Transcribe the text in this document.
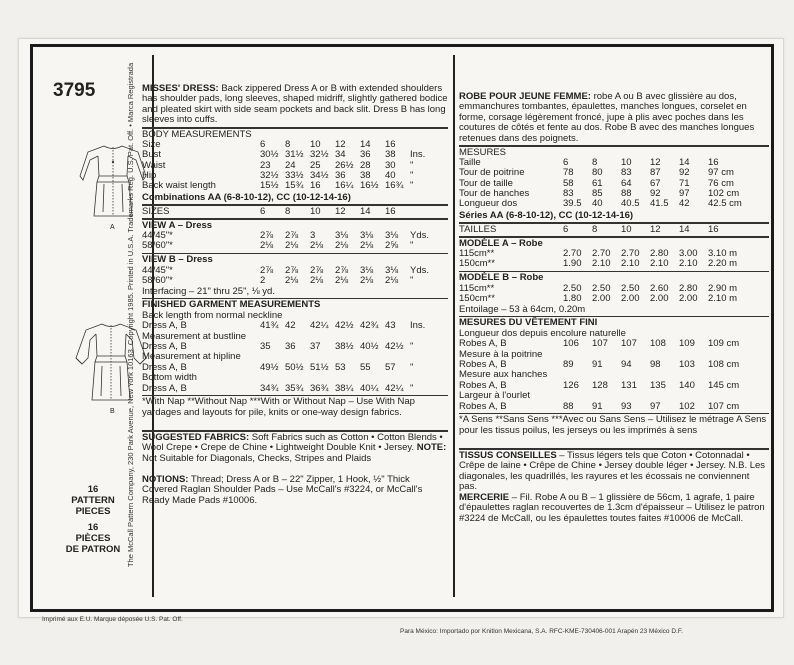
The McCall Pattern Company, 230 Park Avenue, New York 10163. Copyright 1985. Printed in U.S.A. Trademarks Reg. U.S. Pat. Off. • Marca Registrada
3795
A
B
16
PATTERN
PIECES
16
PIÈCES
DE PATRON
MISSES' DRESS: Back zippered Dress A or B with extended shoulders has shoulder pads, long sleeves, shaped midriff, slightly gathered bodice and pleated skirt with side seam pockets and back slit. Dress B has long sleeves into cuffs.
BODY MEASUREMENTS
Size	6	8	10	12	14	16
Bust	30½ 31½ 32½ 34	36	38	Ins.
Waist	23	24	25	26½ 28	30	"
Hip	32½ 33½ 34½ 36	38	40	"
Back waist length	15½ 15¾ 16	16¼ 16½ 16¾ "
Combinations AA (6-8-10-12), CC (10-12-14-16)
SIZES	6	8	10	12	14	16
VIEW A – Dress
44/45"*	2⅞	2⅞	3	3⅛	3⅛	3⅛	Yds.
58/60"*	2⅛	2⅛	2⅛	2⅛	2⅛	2⅝	"
VIEW B – Dress
44/45"*	2⅞	2⅞	2⅞	2⅞	3⅛	3⅛	Yds.
58/60"*	2	2⅛	2⅛	2⅛	2⅛	2⅛	"
Interfacing – 21" thru 25", ⅛ yd.
FINISHED GARMENT MEASUREMENTS
Back length from normal neckline
Dress A, B	41¾ 42	42¼ 42½ 42¾ 43	Ins.
Measurement at bustline
Dress A, B	35	36	37	38½ 40½ 42½ "
Measurement at hipline
Dress A, B	49½ 50½ 51½ 53	55	57	"
Bottom width
Dress A, B	34¾ 35¾ 36¾ 38¼ 40¼ 42¼ "
*With Nap **Without Nap ***With or Without Nap – Use With Nap yardages and layouts for pile, knits or one-way design fabrics.
SUGGESTED FABRICS: Soft Fabrics such as Cotton • Cotton Blends • Wool Crepe • Crepe de Chine • Lightweight Double Knit • Jersey. NOTE: Not Suitable for Diagonals, Checks, Stripes and Plaids
NOTIONS: Thread; Dress A or B – 22" Zipper, 1 Hook, ½" Thick Covered Raglan Shoulder Pads – Use McCall's #3224, or McCall's Ready Made Pads #10006.
ROBE POUR JEUNE FEMME: robe A ou B avec glissière au dos, emmanchures tombantes, épaulettes, manches longues, corselet en forme, corsage légèrement froncé, jupe à plis avec poches dans les coutures de côtés et fente au dos. Robe B avec des manches longues retenues dans des poignets.
MESURES
Taille	6	8	10	12	14	16
Tour de poitrine	78	80	83	87	92	97 cm
Tour de taille	58	61	64	67	71	76 cm
Tour de hanches	83	85	88	92	97	102 cm
Longueur dos	39.5	40	40.5	41.5	42	42.5 cm
Séries AA (6-8-10-12), CC (10-12-14-16)
TAILLES	6	8	10	12	14	16
MODÈLE A – Robe
115cm**	2.70	2.70	2.70	2.80	3.00	3.10 m
150cm**	1.90	2.10	2.10	2.10	2.10	2.20 m
MODÈLE B – Robe
115cm**	2.50	2.50	2.50	2.60	2.80	2.90 m
150cm**	1.80	2.00	2.00	2.00	2.00	2.10 m
Entoilage – 53 à 64cm, 0.20m
MESURES DU VÊTEMENT FINI
Longueur dos depuis encolure naturelle
Robes A, B	106	107	107	108	109	109 cm
Mesure à la poitrine
Robes A, B	89	91	94	98	103	108 cm
Mesure aux hanches
Robes A, B	126	128	131	135	140	145 cm
Largeur à l'ourlet
Robes A, B	88	91	93	97	102	107 cm
*A Sens **Sans Sens ***Avec ou Sans Sens – Utilisez le métrage A Sens pour les tissus poilus, les jerseys ou les imprimés à sens
TISSUS CONSEILLÉS – Tissus légers tels que Coton • Cotonnadal • Crêpe de laine • Crêpe de Chine • Jersey double léger • Jersey. N.B. Les diagonales, les quadrillés, les rayures et les écossais ne conviennent pas.
MERCERIE – Fil. Robe A ou B – 1 glissière de 56cm, 1 agrafe, 1 paire d'épaulettes raglan recouvertes de 1.3cm d'épaisseur – Utilisez le patron #3224 de McCall, ou les épaulettes toutes faites #10006 de McCall.
Imprimé aux E.U. Marque déposée U.S. Pat. Off.
Para México: Importado por Knitlon Mexicana, S.A. RFC-KME-730406-001 Arapén 23 México D.F.
